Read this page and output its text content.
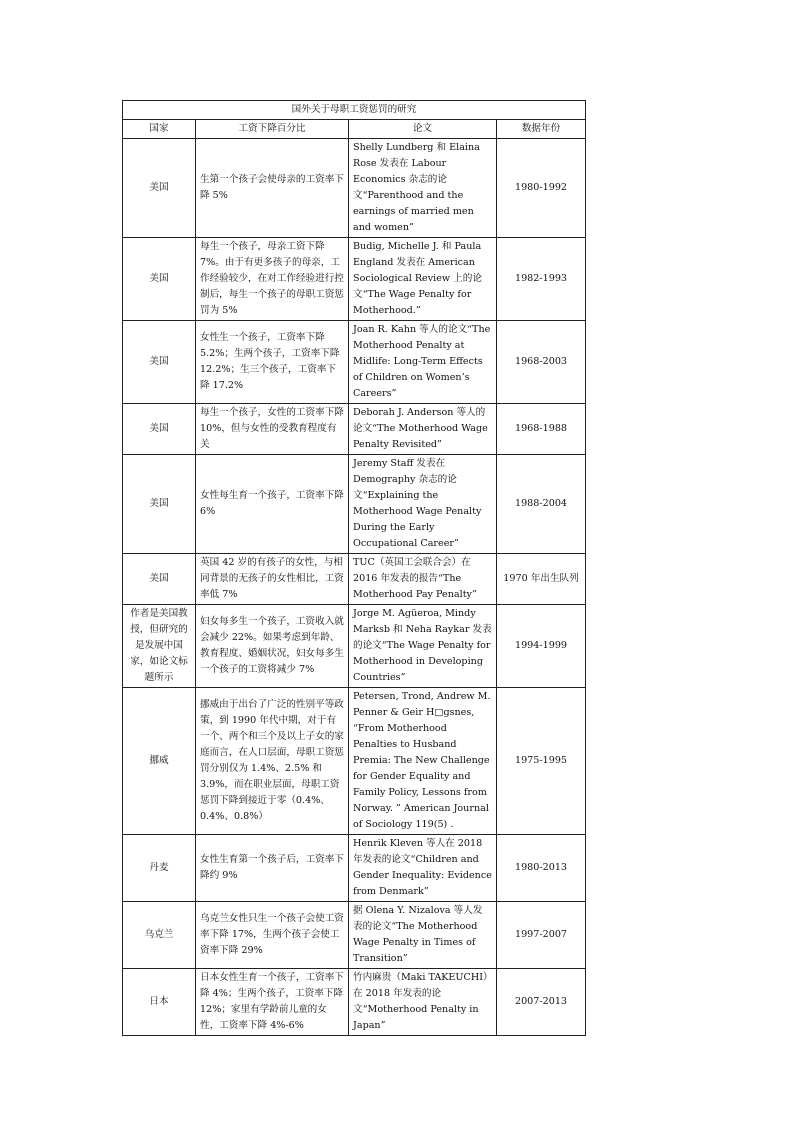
国外关于母职工资惩罚的研究			
国家	工资下降百分比	论文	数据年份
美国	生第一个孩子会使母亲的工资率下降 5%	Shelly Lundberg 和 Elaina Rose 发表在 Labour Economics 杂志的论文“Parenthood and the earnings of married men and women”	1980-1992
美国	每生一个孩子，母亲工资下降7%。由于有更多孩子的母亲，工作经验较少，在对工作经验进行控制后，每生一个孩子的母职工资惩罚为 5%	Budig, Michelle J. 和 Paula England 发表在 American Sociological Review 上的论文“The Wage Penalty for Motherhood.”	1982-1993
美国	女性生一个孩子，工资率下降 5.2%；生两个孩子，工资率下降 12.2%；生三个孩子，工资率下降 17.2%	Joan R. Kahn 等人的论文“The Motherhood Penalty at Midlife: Long-Term Effects of Children on Women’s Careers”	1968-2003
美国	每生一个孩子，女性的工资率下降 10%，但与女性的受教育程度有关	Deborah J. Anderson 等人的论文“The Motherhood Wage Penalty Revisited”	1968-1988
美国	女性每生育一个孩子，工资率下降 6%	Jeremy Staff 发表在 Demography 杂志的论文“Explaining the Motherhood Wage Penalty During the Early Occupational Career”	1988-2004
美国	英国 42 岁的有孩子的女性，与相同背景的无孩子的女性相比，工资率低 7%	TUC（英国工会联合会）在 2016 年发表的报告“The Motherhood Pay Penalty”	1970 年出生队列
作者是美国教授，但研究的是发展中国家，如论文标题所示	妇女每多生一个孩子，工资收入就会减少 22%。如果考虑到年龄、教育程度、婚姻状况，妇女每多生一个孩子的工资将减少 7%	Jorge M. Agüeroa, Mindy Marksb 和 Neha Raykar 发表的论文“The Wage Penalty for Motherhood in Developing Countries”	1994-1999
挪威	挪威由于出台了广泛的性别平等政策，到 1990 年代中期，对于有一个、两个和三个及以上子女的家庭而言，在人口层面，母职工资惩罚分别仅为 1.4%、2.5% 和 3.9%，而在职业层面，母职工资惩罚下降到接近于零（0.4%、0.4%、0.8%）	Petersen, Trond, Andrew M. Penner & Geir H□gsnes, “From Motherhood Penalties to Husband Premia: The New Challenge for Gender Equality and Family Policy, Lessons from Norway. ” American Journal of Sociology 119(5) .	1975-1995
丹麦	女性生育第一个孩子后，工资率下降约 9%	Henrik Kleven 等人在 2018 年发表的论文“Children and Gender Inequality: Evidence from Denmark”	1980-2013
乌克兰	乌克兰女性只生一个孩子会使工资率下降 17%，生两个孩子会使工资率下降 29%	据 Olena Y. Nizalova 等人发表的论文“The Motherhood Wage Penalty in Times of Transition”	1997-2007
日本	日本女性生育一个孩子，工资率下降 4%；生两个孩子，工资率下降 12%；家里有学龄前儿童的女性，工资率下降 4%-6%	竹内麻贵（Maki TAKEUCHI）在 2018 年发表的论文“Motherhood Penalty in Japan”	2007-2013
